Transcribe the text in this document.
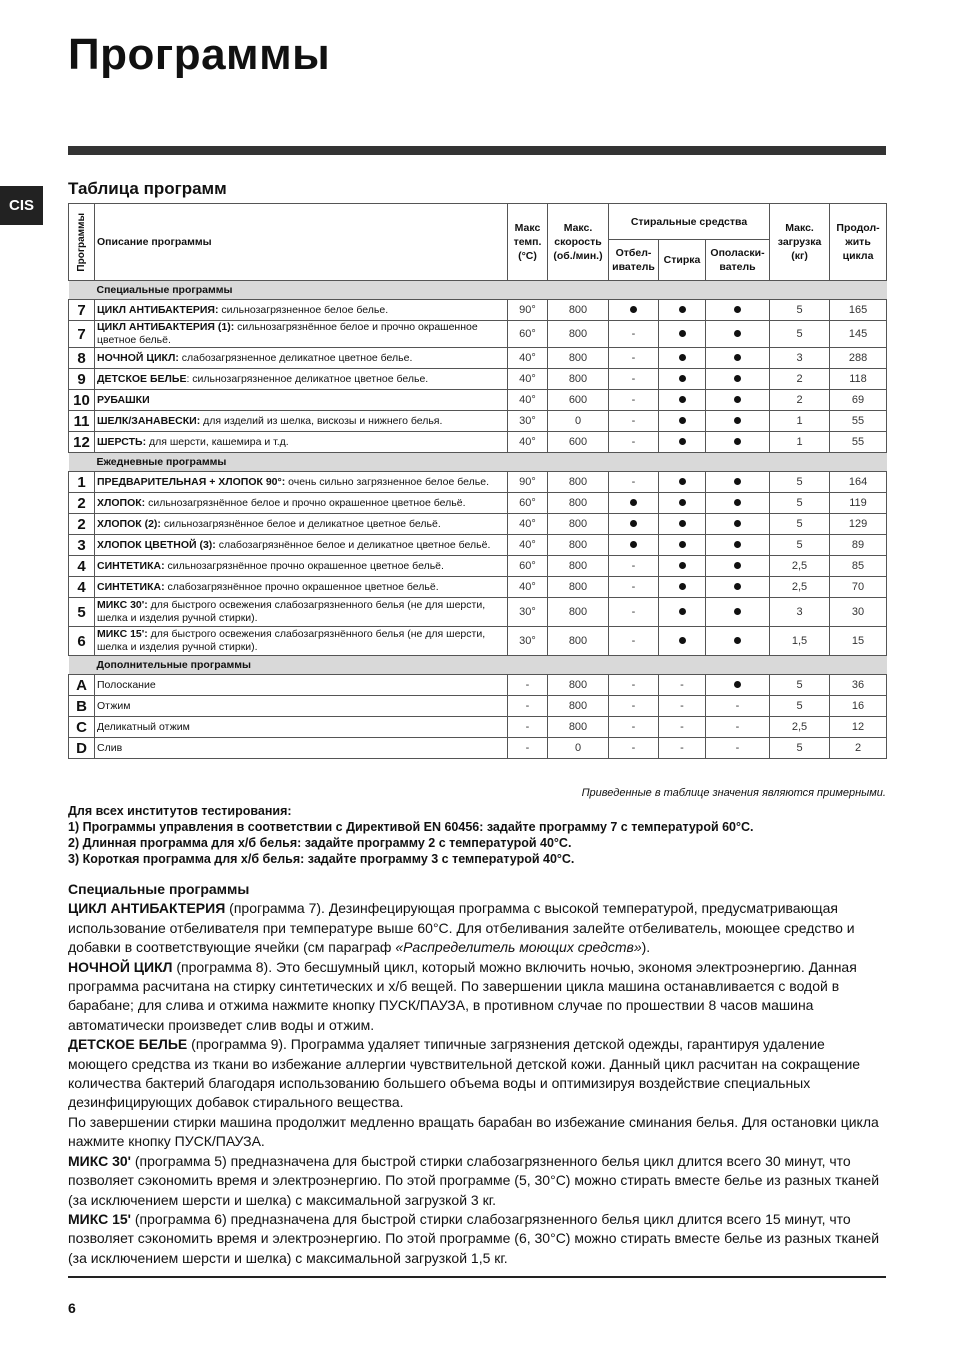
Программы
CIS
Таблица программ
Программы	Описание программы	Макс темп. (°C)	Макс. скорость (об./мин.)	Стиральные средства			Макс. загрузка (кг)	Продол-жить цикла
				Отбел-иватель	Стирка	Ополаски-ватель		
Специальные программы								
7	ЦИКЛ АНТИБАКТЕРИЯ: сильнозагрязненное белое белье.	90°	800				5	165
7	ЦИКЛ АНТИБАКТЕРИЯ (1): сильнозагрязнённое белое и прочно окрашенное цветное бельё.	60°	800	-			5	145
8	НОЧНОЙ ЦИКЛ: слабозагрязненное деликатное цветное белье.	40°	800	-			3	288
9	ДЕТСКОЕ БЕЛЬЕ: сильнозагрязненное деликатное цветное белье.	40°	800	-			2	118
10	РУБАШКИ	40°	600	-			2	69
11	ШЕЛК/ЗАНАВЕСКИ: для изделий из шелка, вискозы и нижнего белья.	30°	0	-			1	55
12	ШЕРСТЬ: для шерсти, кашемира и т.д.	40°	600	-			1	55
Ежедневные программы								
1	ПРЕДВАРИТЕЛЬНАЯ + ХЛОПОК 90°: очень сильно загрязненное белое белье.	90°	800	-			5	164
2	ХЛОПОК: сильнозагрязнённое белое и прочно окрашенное цветное бельё.	60°	800				5	119
2	ХЛОПОК (2): сильнозагрязнённое белое и деликатное цветное бельё.	40°	800				5	129
3	ХЛОПОК ЦВЕТНОЙ (3): слабозагрязнённое белое и деликатное цветное бельё.	40°	800				5	89
4	СИНТЕТИКА: сильнозагрязнённое прочно окрашенное цветное бельё.	60°	800	-			2,5	85
4	СИНТЕТИКА: слабозагрязнённое прочно окрашенное цветное бельё.	40°	800	-			2,5	70
5	МИКС 30': для быстрого освежения слабозагрязненного белья (не для шерсти, шелка и изделия ручной стирки).	30°	800	-			3	30
6	МИКС 15': для быстрого освежения слабозагрязнённого белья (не для шерсти, шелка и изделия ручной стирки).	30°	800	-			1,5	15
Дополнительные программы								
A	Полоскание	-	800	-	-		5	36
B	Отжим	-	800	-	-	-	5	16
C	Деликатный отжим	-	800	-	-	-	2,5	12
D	Слив	-	0	-	-	-	5	2
Приведенные в таблице значения являются примерными.
Для всех институтов тестирования:
1) Программы управления в соответствии с Директивой EN 60456: задайте программу 7 с температурой 60°C.
2) Длинная программа для х/б белья: задайте программу 2 с температурой 40°C.
3) Короткая программа для х/б белья: задайте программу 3 с температурой 40°C.

Специальные программы

ЦИКЛ АНТИБАКТЕРИЯ (программа 7). Дезинфецирующая программа с высокой температурой, предусматривающая использование отбеливателя при температуре выше 60°C. Для отбеливания залейте отбеливатель, моющее средство и добавки в соответствующие ячейки (см параграф «Распределитель моющих средств»).

НОЧНОЙ ЦИКЛ (программа 8). Это бесшумный цикл, который можно включить ночью, экономя электроэнергию. Данная программа расчитана на стирку синтетических и х/б вещей. По завершении цикла машина останавливается с водой в барабане; для слива и отжима нажмите кнопку ПУСК/ПАУЗА, в противном случае по прошествии 8 часов машина автоматически произведет слив воды и отжим.

ДЕТСКОЕ БЕЛЬЕ (программа 9). Программа удаляет типичные загрязнения детской одежды, гарантируя удаление моющего средства из ткани во избежание аллергии чувствительной детской кожи. Данный цикл расчитан на сокращение количества бактерий благодаря использованию большего объема воды и оптимизируя воздействие специальных дезинфицирующих добавок стирального вещества.

По завершении стирки машина продолжит медленно вращать барабан во избежание сминания белья. Для остановки цикла нажмите кнопку ПУСК/ПАУЗА.

МИКС 30' (программа 5) предназначена для быстрой стирки слабозагрязненного белья цикл длится всего 30 минут, что позволяет сэкономить время и электроэнергию. По этой программе (5, 30°C) можно стирать вместе белье из разных тканей (за исключением шерсти и шелка) с максимальной загрузкой 3 кг.

МИКС 15' (программа 6) предназначена для быстрой стирки слабозагрязненного белья цикл длится всего 15 минут, что позволяет сэкономить время и электроэнергию. По этой программе (6, 30°C) можно стирать вместе белье из разных тканей (за исключением шерсти и шелка) с максимальной загрузкой 1,5 кг.

6
